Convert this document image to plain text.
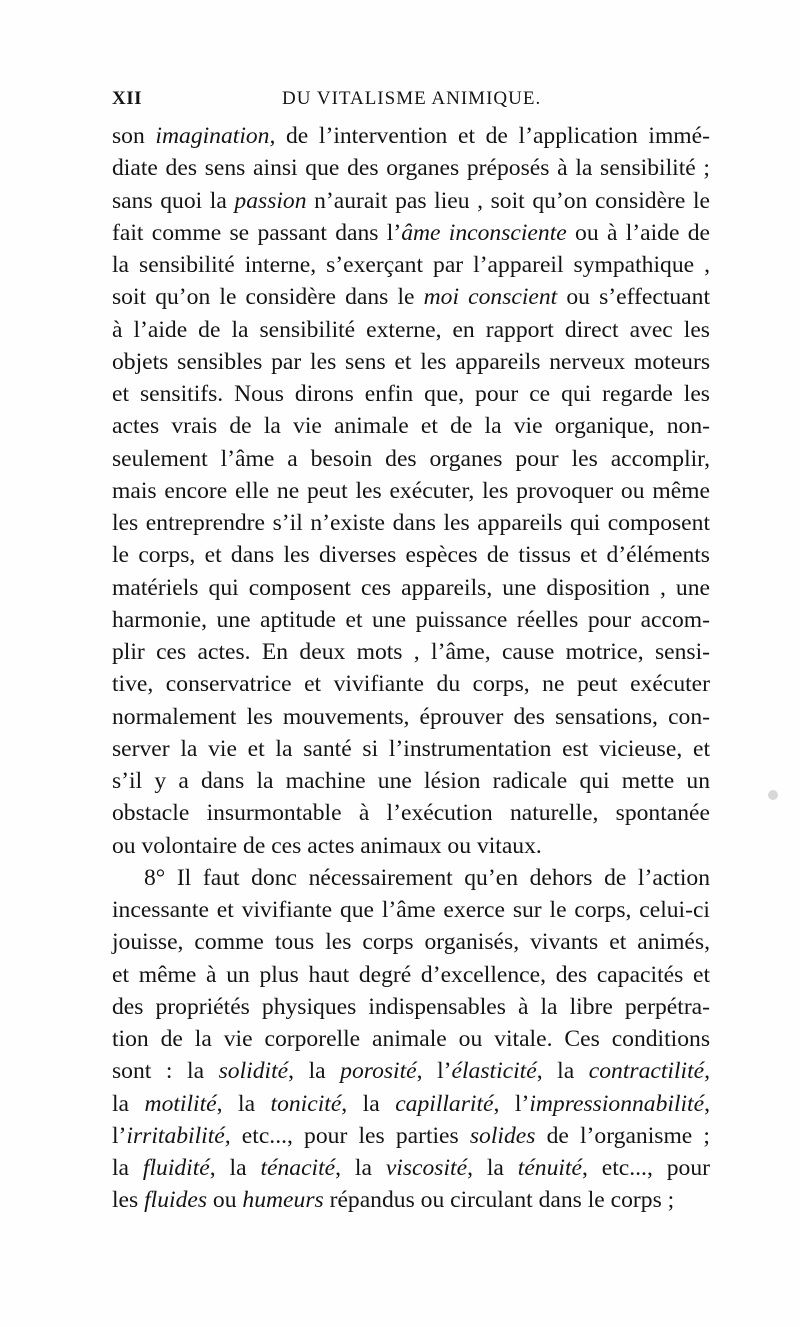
XII	DU VITALISME ANIMIQUE.
son imagination, de l’intervention et de l’application immé-
diate des sens ainsi que des organes préposés à la sensibilité ;
sans quoi la passion n’aurait pas lieu , soit qu’on considère le
fait comme se passant dans l’âme inconsciente ou à l’aide de
la sensibilité interne, s’exerçant par l’appareil sympathique ,
soit qu’on le considère dans le moi conscient ou s’effectuant
à l’aide de la sensibilité externe, en rapport direct avec les
objets sensibles par les sens et les appareils nerveux moteurs
et sensitifs. Nous dirons enfin que, pour ce qui regarde les
actes vrais de la vie animale et de la vie organique, non-
seulement l’âme a besoin des organes pour les accomplir,
mais encore elle ne peut les exécuter, les provoquer ou même
les entreprendre s’il n’existe dans les appareils qui composent
le corps, et dans les diverses espèces de tissus et d’éléments
matériels qui composent ces appareils, une disposition , une
harmonie, une aptitude et une puissance réelles pour accom-
plir ces actes. En deux mots , l’âme, cause motrice, sensi-
tive, conservatrice et vivifiante du corps, ne peut exécuter
normalement les mouvements, éprouver des sensations, con-
server la vie et la santé si l’instrumentation est vicieuse, et
s’il y a dans la machine une lésion radicale qui mette un
obstacle insurmontable à l’exécution naturelle, spontanée
ou volontaire de ces actes animaux ou vitaux.
8° Il faut donc nécessairement qu’en dehors de l’action
incessante et vivifiante que l’âme exerce sur le corps, celui-ci
jouisse, comme tous les corps organisés, vivants et animés,
et même à un plus haut degré d’excellence, des capacités et
des propriétés physiques indispensables à la libre perpétra-
tion de la vie corporelle animale ou vitale. Ces conditions
sont : la solidité, la porosité, l’élasticité, la contractilité,
la motilité, la tonicité, la capillarité, l’impressionnabilité,
l’irritabilité, etc..., pour les parties solides de l’organisme ;
la fluidité, la ténacité, la viscosité, la ténuité, etc..., pour
les fluides ou humeurs répandus ou circulant dans le corps ;
